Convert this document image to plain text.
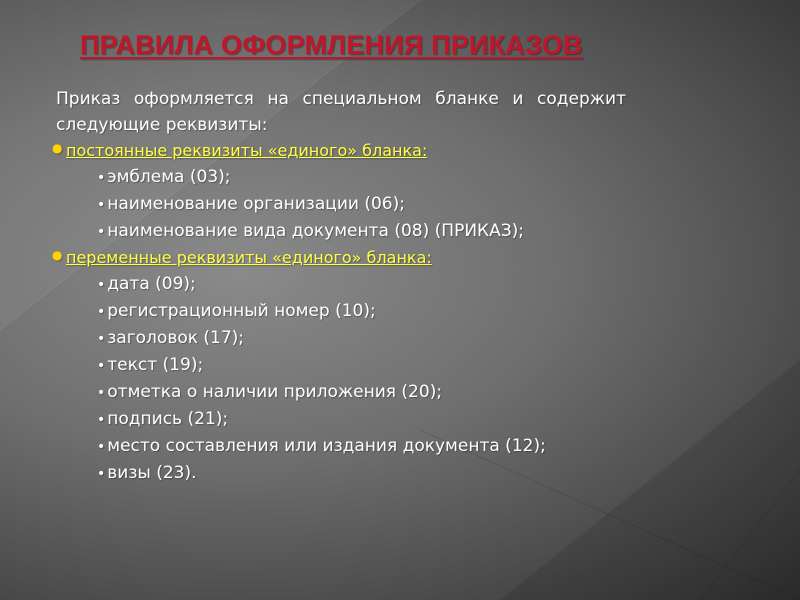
ПРАВИЛА ОФОРМЛЕНИЯ ПРИКАЗОВ

Приказ оформляется на специальном бланке и содержит следующие реквизиты:

● постоянные реквизиты «единого» бланка:
• эмблема (03);
• наименование организации (06);
• наименование вида документа (08) (ПРИКАЗ);
● переменные реквизиты «единого» бланка:
• дата (09);
• регистрационный номер (10);
• заголовок (17);
• текст (19);
• отметка о наличии приложения (20);
• подпись (21);
• место составления или издания документа (12);
• визы (23).
